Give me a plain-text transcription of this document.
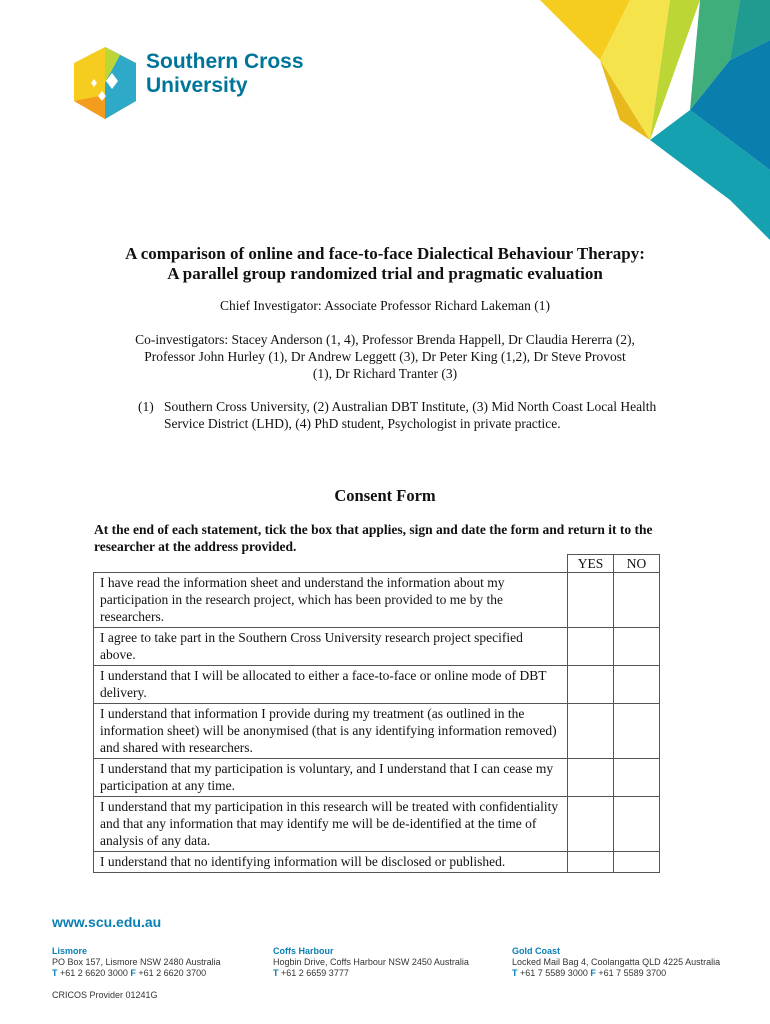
Southern Cross
University
A comparison of online and face-to-face Dialectical Behaviour Therapy:
A parallel group randomized trial and pragmatic evaluation
Chief Investigator: Associate Professor Richard Lakeman (1)
Co-investigators: Stacey Anderson (1, 4), Professor Brenda Happell, Dr Claudia Hererra (2),
Professor John Hurley (1), Dr Andrew Leggett (3), Dr Peter King (1,2), Dr Steve Provost
(1), Dr Richard Tranter (3)
(1) Southern Cross University, (2) Australian DBT Institute, (3) Mid North Coast Local Health Service District (LHD), (4) PhD student, Psychologist in private practice.
Consent Form
At the end of each statement, tick the box that applies, sign and date the form and return it to the researcher at the address provided.
	YES	NO
I have read the information sheet and understand the information about my participation in the research project, which has been provided to me by the researchers.		
I agree to take part in the Southern Cross University research project specified above.		
I understand that I will be allocated to either a face-to-face or online mode of DBT delivery.		
I understand that information I provide during my treatment (as outlined in the information sheet) will be anonymised (that is any identifying information removed) and shared with researchers.		
I understand that my participation is voluntary, and I understand that I can cease my participation at any time.		
I understand that my participation in this research will be treated with confidentiality and that any information that may identify me will be de-identified at the time of analysis of any data.		
I understand that no identifying information will be disclosed or published.		
www.scu.edu.au
Lismore
PO Box 157, Lismore NSW 2480 Australia
T +61 2 6620 3000 F +61 2 6620 3700
Coffs Harbour
Hogbin Drive, Coffs Harbour NSW 2450 Australia
T +61 2 6659 3777
Gold Coast
Locked Mail Bag 4, Coolangatta QLD 4225 Australia
T +61 7 5589 3000 F +61 7 5589 3700
CRICOS Provider 01241G
